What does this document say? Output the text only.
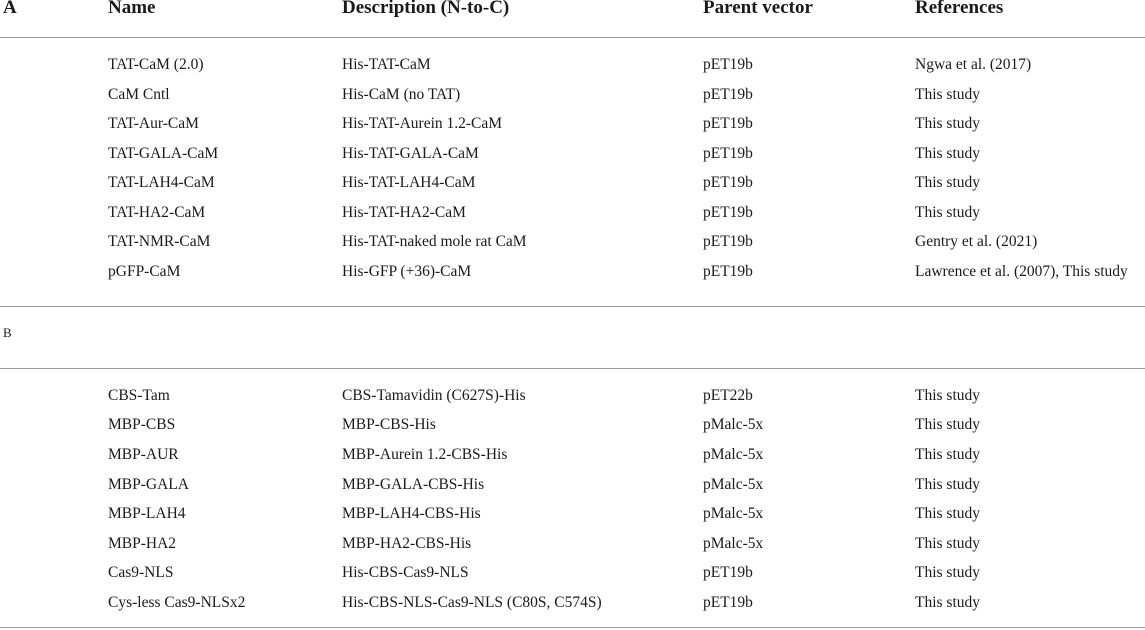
A	Name	Description (N-to-C)	Parent vector	References
TAT-CaM (2.0)	His-TAT-CaM	pET19b	Ngwa et al. (2017)
CaM Cntl	His-CaM (no TAT)	pET19b	This study
TAT-Aur-CaM	His-TAT-Aurein 1.2-CaM	pET19b	This study
TAT-GALA-CaM	His-TAT-GALA-CaM	pET19b	This study
TAT-LAH4-CaM	His-TAT-LAH4-CaM	pET19b	This study
TAT-HA2-CaM	His-TAT-HA2-CaM	pET19b	This study
TAT-NMR-CaM	His-TAT-naked mole rat CaM	pET19b	Gentry et al. (2021)
pGFP-CaM	His-GFP (+36)-CaM	pET19b	Lawrence et al. (2007), This study
B
CBS-Tam	CBS-Tamavidin (C627S)-His	pET22b	This study
MBP-CBS	MBP-CBS-His	pMalc-5x	This study
MBP-AUR	MBP-Aurein 1.2-CBS-His	pMalc-5x	This study
MBP-GALA	MBP-GALA-CBS-His	pMalc-5x	This study
MBP-LAH4	MBP-LAH4-CBS-His	pMalc-5x	This study
MBP-HA2	MBP-HA2-CBS-His	pMalc-5x	This study
Cas9-NLS	His-CBS-Cas9-NLS	pET19b	This study
Cys-less Cas9-NLSx2	His-CBS-NLS-Cas9-NLS (C80S, C574S)	pET19b	This study
